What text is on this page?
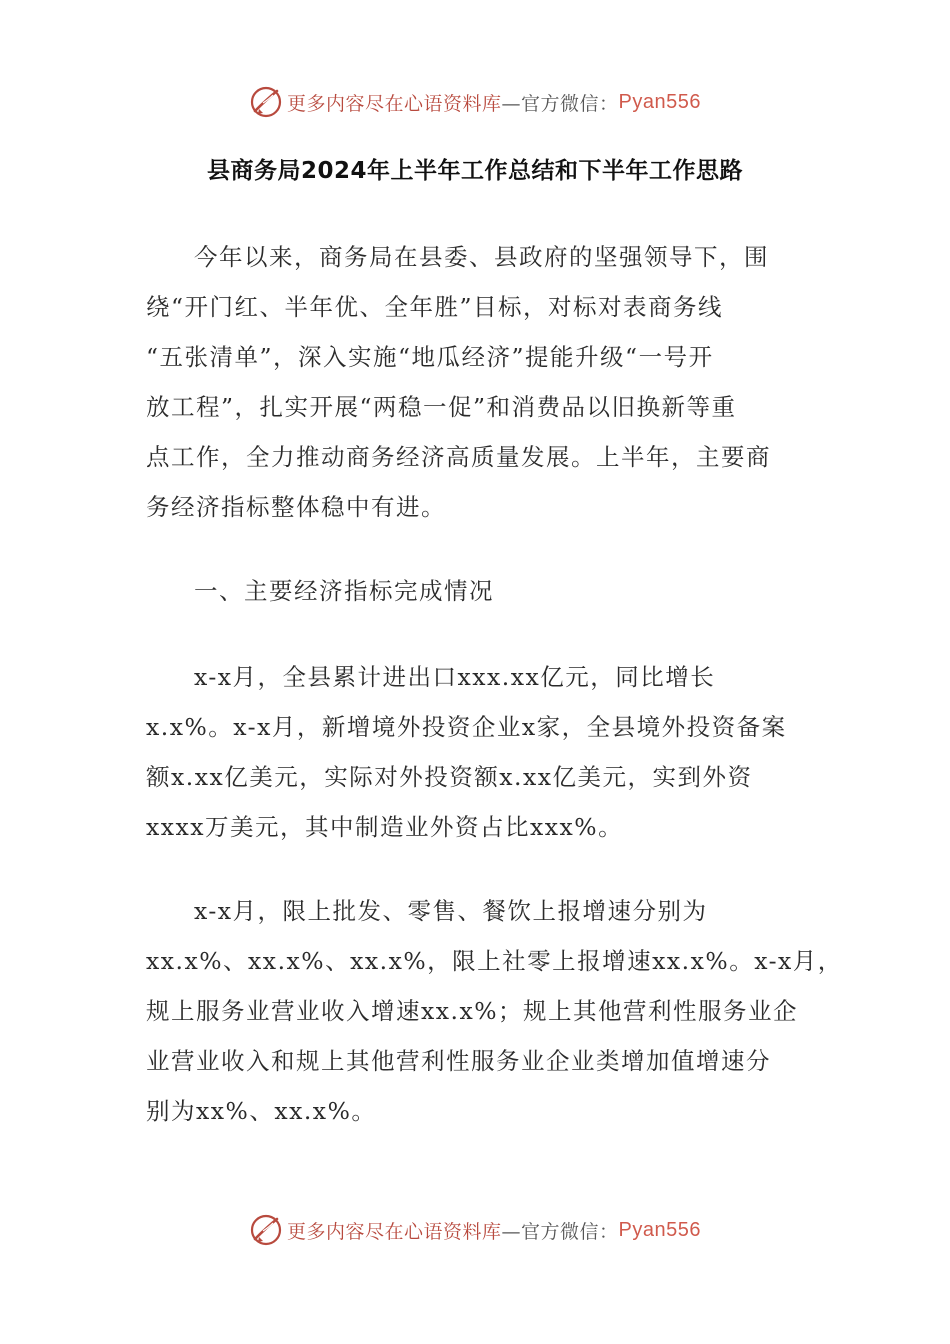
更多内容尽在心语资料库 —官方微信： Pyan556
县商务局2024年上半年工作总结和下半年工作思路

今年以来，商务局在县委、县政府的坚强领导下，围
绕“开门红、半年优、全年胜”目标，对标对表商务线
“五张清单”，深入实施“地瓜经济”提能升级“一号开
放工程”，扎实开展“两稳一促”和消费品以旧换新等重
点工作，全力推动商务经济高质量发展。上半年，主要商
务经济指标整体稳中有进。

一、主要经济指标完成情况

x-x月，全县累计进出口xxx.xx亿元，同比增长
x.x%。x-x月，新增境外投资企业x家，全县境外投资备案
额x.xx亿美元，实际对外投资额x.xx亿美元，实到外资
xxxx万美元，其中制造业外资占比xxx%。

x-x月，限上批发、零售、餐饮上报增速分别为
xx.x%、xx.x%、xx.x%，限上社零上报增速xx.x%。x-x月，
规上服务业营业收入增速xx.x%；规上其他营利性服务业企
业营业收入和规上其他营利性服务业企业类增加值增速分
别为xx%、xx.x%。

更多内容尽在心语资料库 —官方微信： Pyan556
